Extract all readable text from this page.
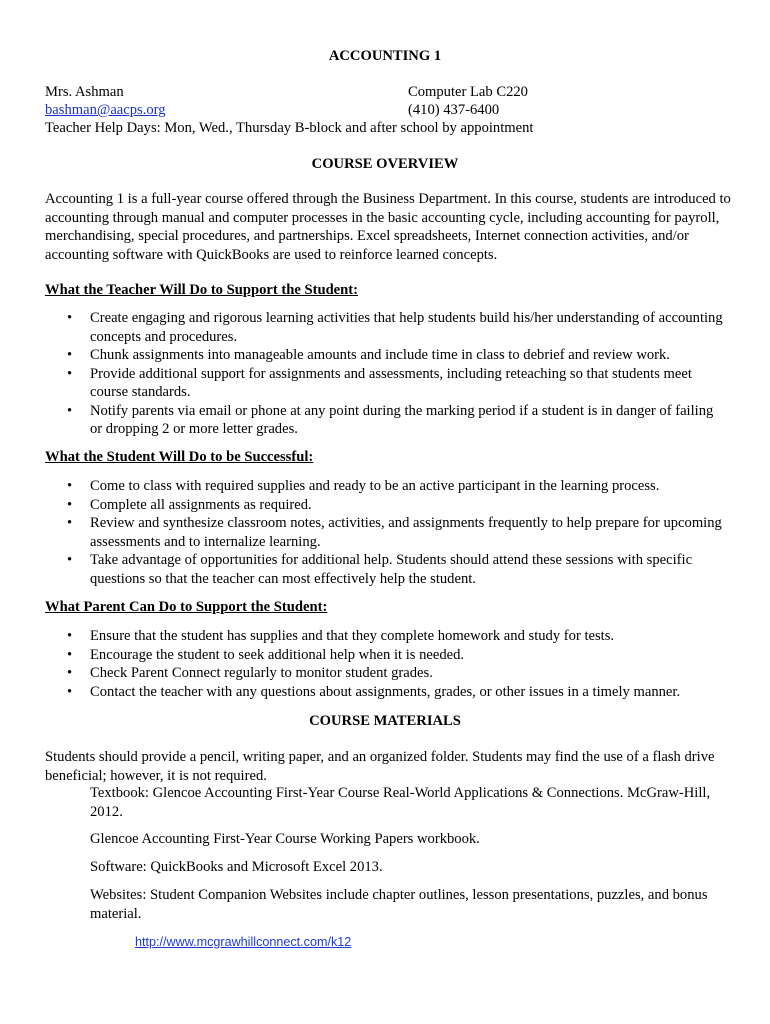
ACCOUNTING 1
Mrs. Ashman	Computer Lab C220
bashman@aacps.org	(410) 437-6400
Teacher Help Days: Mon, Wed., Thursday B-block and after school by appointment
COURSE OVERVIEW
Accounting 1 is a full-year course offered through the Business Department. In this course, students are introduced to accounting through manual and computer processes in the basic accounting cycle, including accounting for payroll, merchandising, special procedures, and partnerships. Excel spreadsheets, Internet connection activities, and/or accounting software with QuickBooks are used to reinforce learned concepts.
What the Teacher Will Do to Support the Student:
• Create engaging and rigorous learning activities that help students build his/her understanding of accounting concepts and procedures.
• Chunk assignments into manageable amounts and include time in class to debrief and review work.
• Provide additional support for assignments and assessments, including reteaching so that students meet course standards.
• Notify parents via email or phone at any point during the marking period if a student is in danger of failing or dropping 2 or more letter grades.
What the Student Will Do to be Successful:
• Come to class with required supplies and ready to be an active participant in the learning process.
• Complete all assignments as required.
• Review and synthesize classroom notes, activities, and assignments frequently to help prepare for upcoming assessments and to internalize learning.
• Take advantage of opportunities for additional help. Students should attend these sessions with specific questions so that the teacher can most effectively help the student.
What Parent Can Do to Support the Student:
• Ensure that the student has supplies and that they complete homework and study for tests.
• Encourage the student to seek additional help when it is needed.
• Check Parent Connect regularly to monitor student grades.
• Contact the teacher with any questions about assignments, grades, or other issues in a timely manner.
COURSE MATERIALS
Students should provide a pencil, writing paper, and an organized folder. Students may find the use of a flash drive beneficial; however, it is not required.
Textbook: Glencoe Accounting First-Year Course Real-World Applications & Connections. McGraw-Hill, 2012.
Glencoe Accounting First-Year Course Working Papers workbook.
Software: QuickBooks and Microsoft Excel 2013.
Websites: Student Companion Websites include chapter outlines, lesson presentations, puzzles, and bonus material.
http://www.mcgrawhillconnect.com/k12
